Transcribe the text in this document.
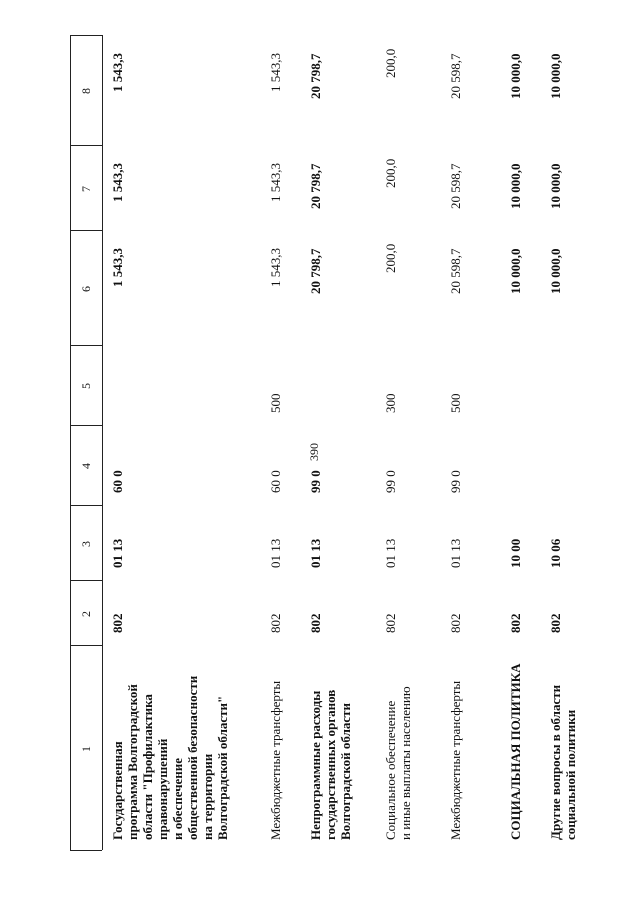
390
1
2
3
4
5
6
7
8
Государственная
программа Волгоградской
области "Профилактика
правонарушений
и обеспечение
общественной безопасности
на территории
Волгоградской области"
802
01 13
60 0
1 543,3
1 543,3
1 543,3
Межбюджетные трансферты
802
01 13
60 0
500
1 543,3
1 543,3
1 543,3
Непрограммные расходы
государственных органов
Волгоградской области
802
01 13
99 0
20 798,7
20 798,7
20 798,7
Социальное обеспечение
и иные выплаты населению
802
01 13
99 0
300
200,0
200,0
200,0
Межбюджетные трансферты
802
01 13
99 0
500
20 598,7
20 598,7
20 598,7
СОЦИАЛЬНАЯ ПОЛИТИКА
802
10 00
10 000,0
10 000,0
10 000,0
Другие вопросы в области
социальной политики
802
10 06
10 000,0
10 000,0
10 000,0
